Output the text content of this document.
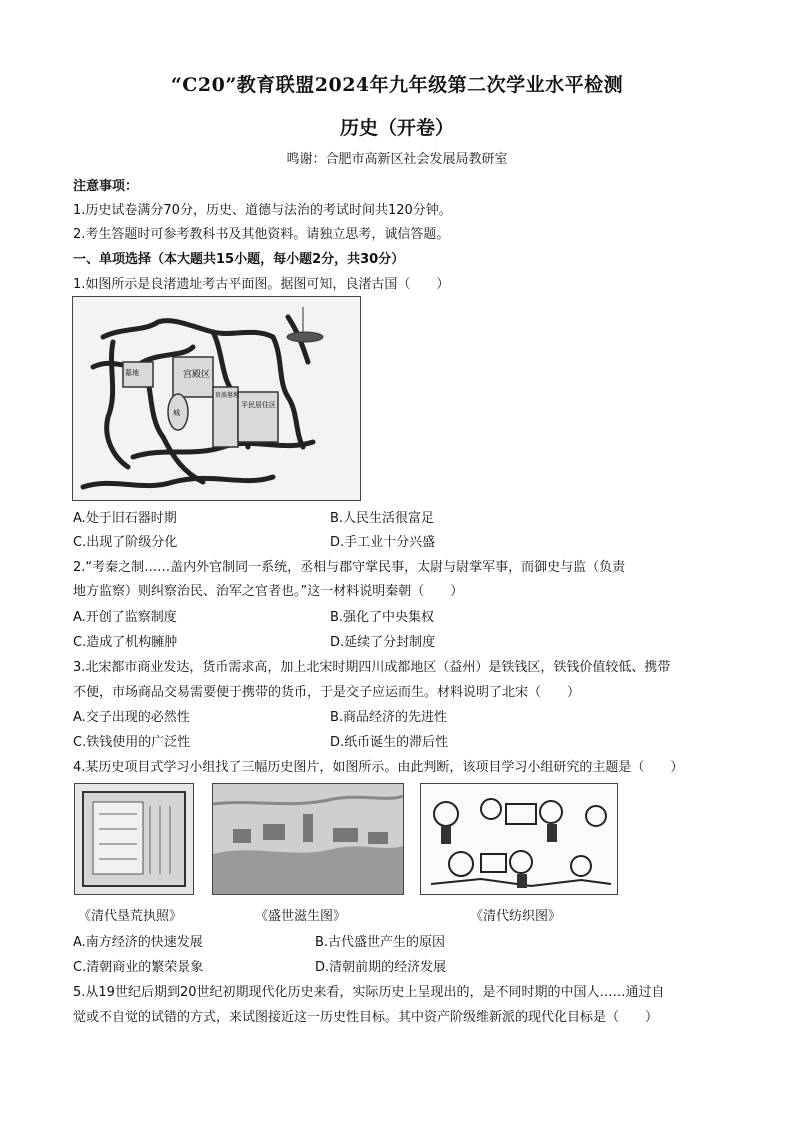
“C20”教育联盟2024年九年级第二次学业水平检测
历史（开卷）
鸣谢：合肥市高新区社会发展局教研室
注意事项：
1.历史试卷满分70分，历史、道德与法治的考试时间共120分钟。
2.考生答题时可参考教科书及其他资料。请独立思考，诚信答题。
一、单项选择（本大题共15小题，每小题2分，共30分）
1.如图所示是良渚遗址考古平面图。据图可知，良渚古国（　　）
宫殿区
平民居住区
贵族墓地
墓地
城
A.处于旧石器时期	B.人民生活很富足
C.出现了阶级分化	D.手工业十分兴盛
2.“考秦之制……盖内外官制同一系统，丞相与郡守掌民事，太尉与尉掌军事，而御史与监（负责
地方监察）则纠察治民、治军之官者也。”这一材料说明秦朝（　　）
A.开创了监察制度	B.强化了中央集权
C.造成了机构臃肿	D.延续了分封制度
3.北宋都市商业发达，货币需求高，加上北宋时期四川成都地区（益州）是铁钱区，铁钱价值较低、携带
不便，市场商品交易需要便于携带的货币，于是交子应运而生。材料说明了北宋（　　）
A.交子出现的必然性	B.商品经济的先进性
C.铁钱使用的广泛性	D.纸币诞生的滞后性
4.某历史项目式学习小组找了三幅历史图片，如图所示。由此判断，该项目学习小组研究的主题是（　　）
《清代垦荒执照》	《盛世滋生图》	《清代纺织图》
A.南方经济的快速发展	B.古代盛世产生的原因
C.清朝商业的繁荣景象	D.清朝前期的经济发展
5.从19世纪后期到20世纪初期现代化历史来看，实际历史上呈现出的，是不同时期的中国人……通过自
觉或不自觉的试错的方式，来试图接近这一历史性目标。其中资产阶级维新派的现代化目标是（　　）
